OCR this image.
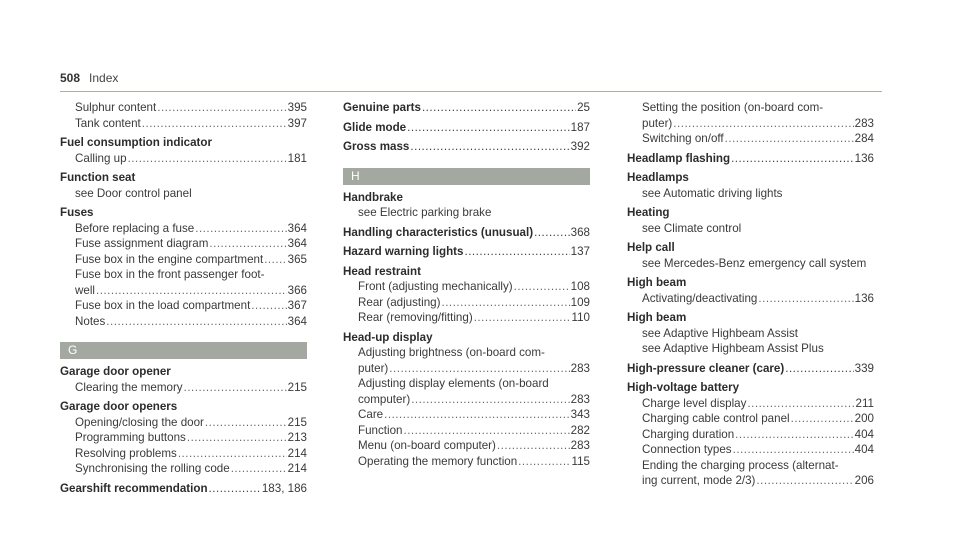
508 Index
Sulphur content .....	395
Tank content .....	397
Fuel consumption indicator
Calling up .....	181
Function seat
see Door control panel
Fuses
Before replacing a fuse .....	364
Fuse assignment diagram .....	364
Fuse box in the engine compartment ..... 365
Fuse box in the front passenger foot-
well .....	366
Fuse box in the load compartment .....	367
Notes .....	364
G
Garage door opener
Clearing the memory .....	215
Garage door openers
Opening/closing the door .....	215
Programming buttons .....	213
Resolving problems .....	214
Synchronising the rolling code .....	214
Gearshift recommendation .....	183, 186
Genuine parts .....	25
Glide mode .....	187
Gross mass .....	392
H
Handbrake
see Electric parking brake
Handling characteristics (unusual) .....	368
Hazard warning lights .....	137
Head restraint
Front (adjusting mechanically) .....	108
Rear (adjusting) .....	109
Rear (removing/fitting) .....	110
Head-up display
Adjusting brightness (on-board com-
puter) .....	283
Adjusting display elements (on-board
computer) .....	283
Care .....	343
Function .....	282
Menu (on-board computer) .....	283
Operating the memory function .....	115
Setting the position (on-board com-
puter) .....	283
Switching on/off .....	284
Headlamp flashing .....	136
Headlamps
see Automatic driving lights
Heating
see Climate control
Help call
see Mercedes-Benz emergency call system
High beam
Activating/deactivating .....	136
High beam
see Adaptive Highbeam Assist
see Adaptive Highbeam Assist Plus
High-pressure cleaner (care) .....	339
High-voltage battery
Charge level display .....	211
Charging cable control panel .....	200
Charging duration .....	404
Connection types .....	404
Ending the charging process (alternat-
ing current, mode 2/3) .....	206
